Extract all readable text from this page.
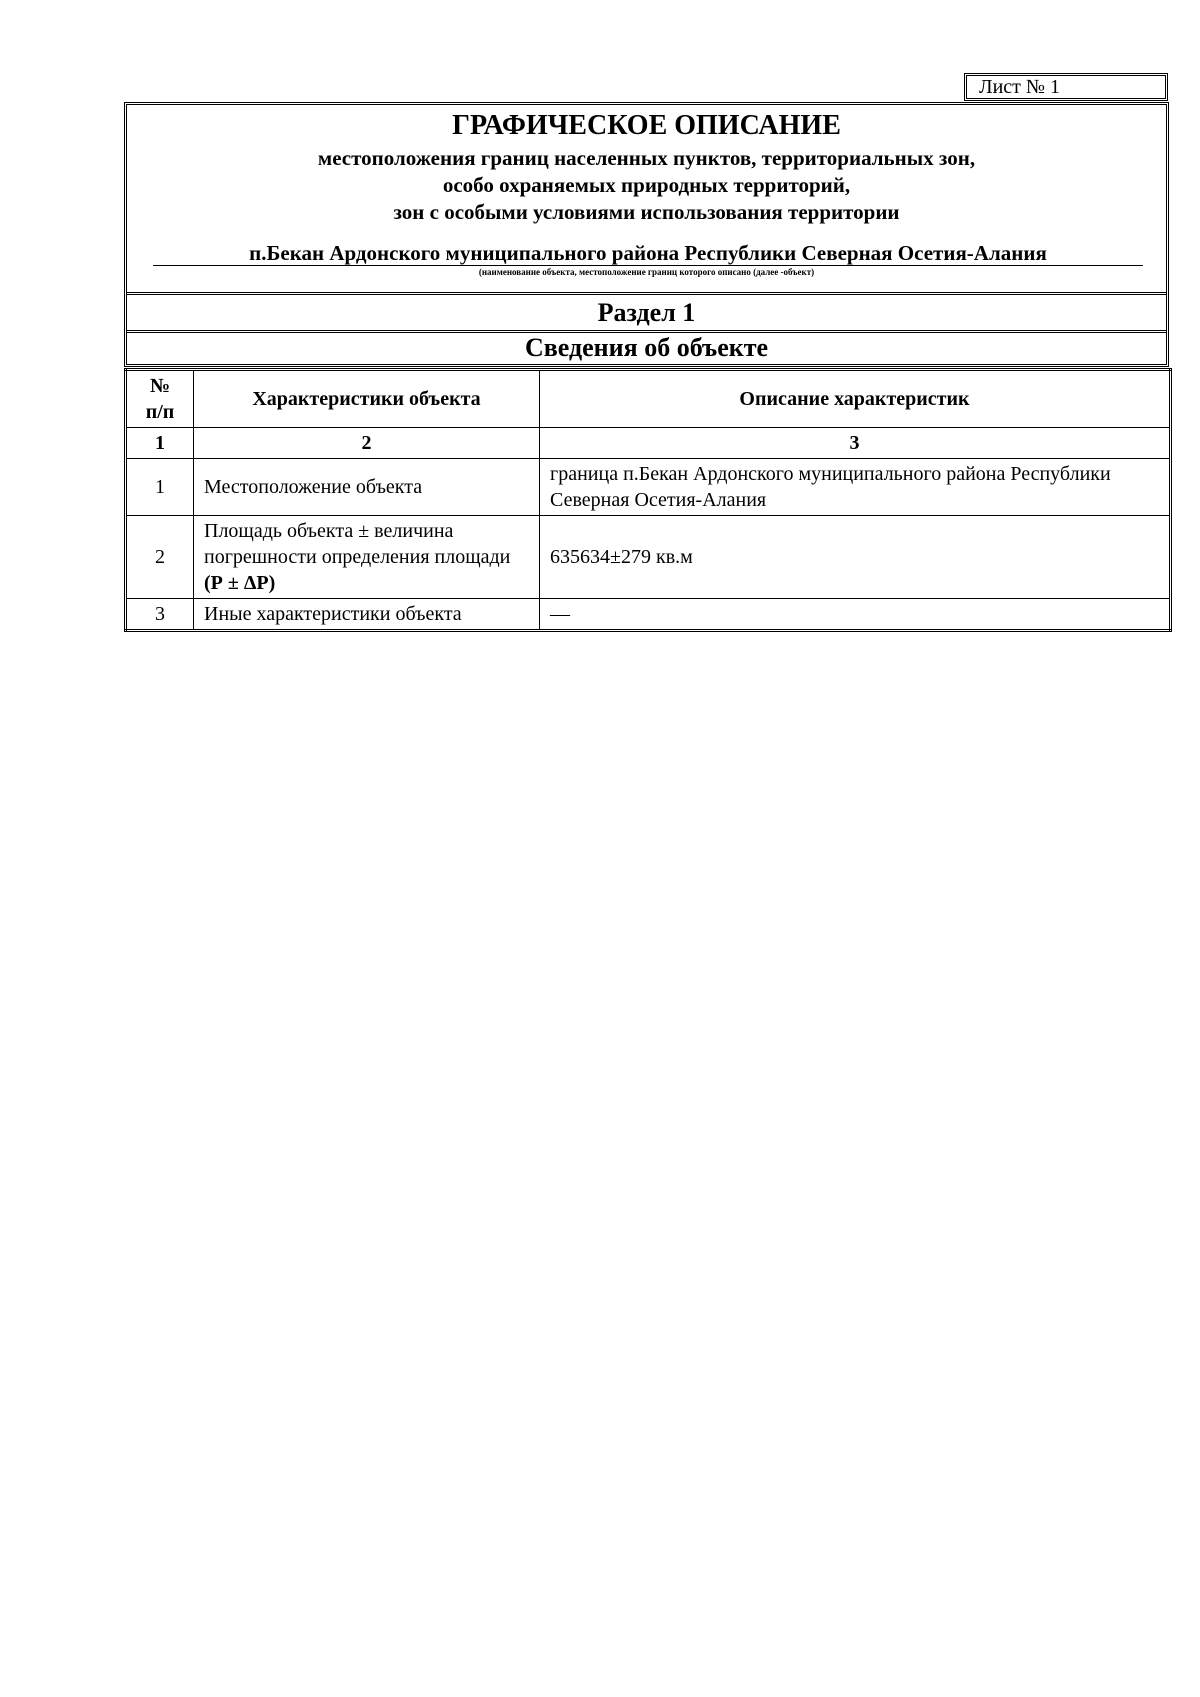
Лист № 1
ГРАФИЧЕСКОЕ ОПИСАНИЕ
местоположения границ населенных пунктов, территориальных зон,
особо охраняемых природных территорий,
зон с особыми условиями использования территории
п.Бекан Ардонского муниципального района Республики Северная Осетия-Алания
(наименование объекта, местоположение границ которого описано (далее -объект)
Раздел 1
Сведения об объекте
№
п/п	Характеристики объекта	Описание характеристик
1	2	3
1	Местоположение объекта	граница п.Бекан Ардонского муниципального района Республики Северная Осетия-Алания
2	Площадь объекта ± величина погрешности определения площади (Р ± ΔР)	635634±279 кв.м
3	Иные характеристики объекта	—
